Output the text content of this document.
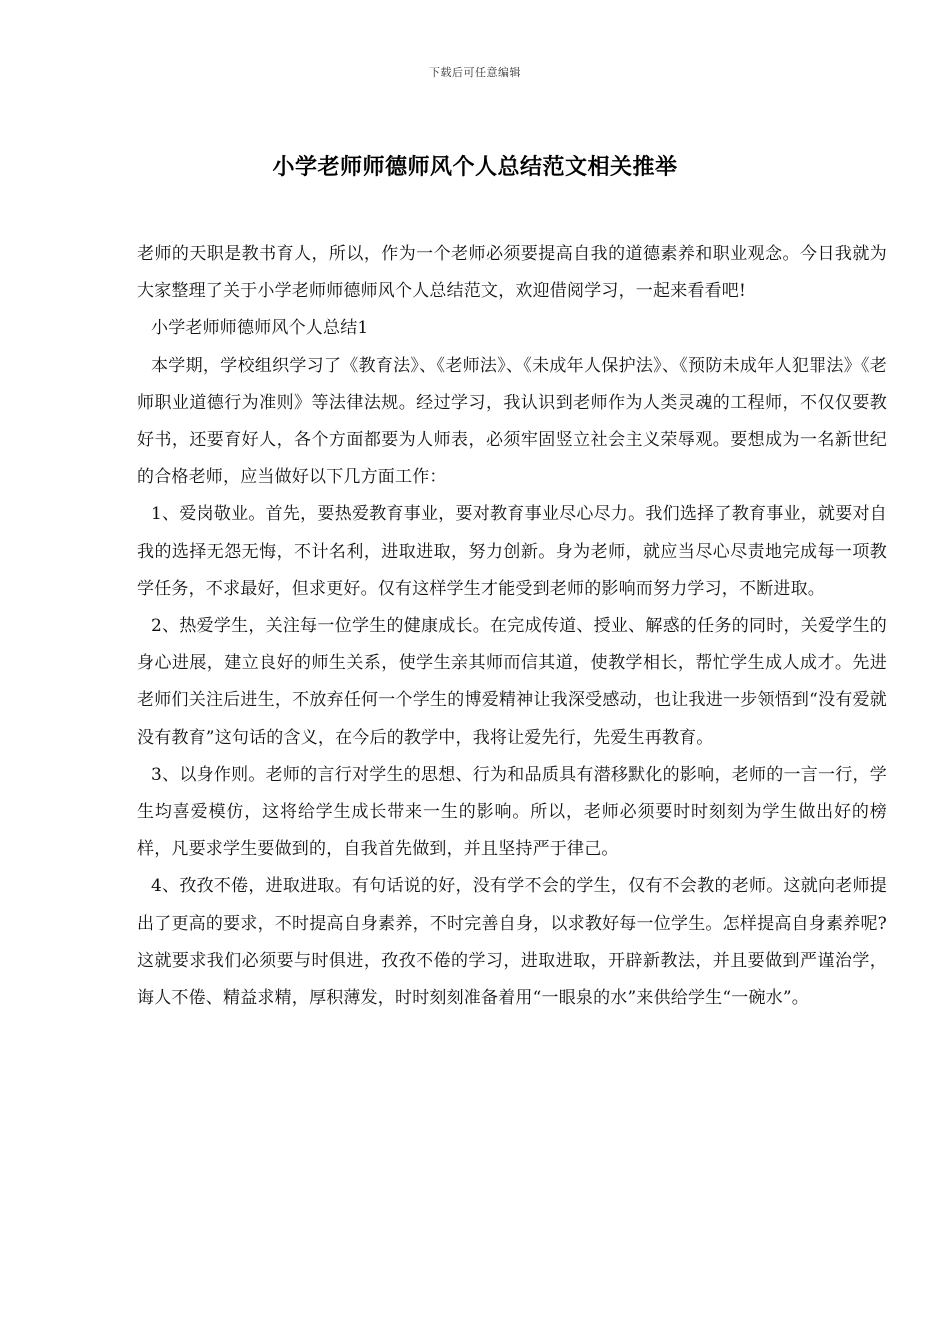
下载后可任意编辑
小学老师师德师风个人总结范文相关推举

老师的天职是教书育人，所以，作为一个老师必须要提高自我的道德素养和职业观念。今日我就为大家整理了关于小学老师师德师风个人总结范文，欢迎借阅学习，一起来看看吧!

小学老师师德师风个人总结1

本学期，学校组织学习了《教育法》、《老师法》、《未成年人保护法》、《预防未成年人犯罪法》《老师职业道德行为准则》等法律法规。经过学习，我认识到老师作为人类灵魂的工程师，不仅仅要教好书，还要育好人，各个方面都要为人师表，必须牢固竖立社会主义荣辱观。要想成为一名新世纪的合格老师，应当做好以下几方面工作：

1、爱岗敬业。首先，要热爱教育事业，要对教育事业尽心尽力。我们选择了教育事业，就要对自我的选择无怨无悔，不计名利，进取进取，努力创新。身为老师，就应当尽心尽责地完成每一项教学任务，不求最好，但求更好。仅有这样学生才能受到老师的影响而努力学习，不断进取。

2、热爱学生，关注每一位学生的健康成长。在完成传道、授业、解惑的任务的同时，关爱学生的身心进展，建立良好的师生关系，使学生亲其师而信其道，使教学相长，帮忙学生成人成才。先进老师们关注后进生，不放弃任何一个学生的博爱精神让我深受感动，也让我进一步领悟到“没有爱就没有教育”这句话的含义，在今后的教学中，我将让爱先行，先爱生再教育。

3、以身作则。老师的言行对学生的思想、行为和品质具有潜移默化的影响，老师的一言一行，学生均喜爱模仿，这将给学生成长带来一生的影响。所以，老师必须要时时刻刻为学生做出好的榜样，凡要求学生要做到的，自我首先做到，并且坚持严于律己。

4、孜孜不倦，进取进取。有句话说的好，没有学不会的学生，仅有不会教的老师。这就向老师提出了更高的要求，不时提高自身素养，不时完善自身，以求教好每一位学生。怎样提高自身素养呢?这就要求我们必须要与时俱进，孜孜不倦的学习，进取进取，开辟新教法，并且要做到严谨治学，诲人不倦、精益求精，厚积薄发，时时刻刻准备着用“一眼泉的水”来供给学生“一碗水”。
